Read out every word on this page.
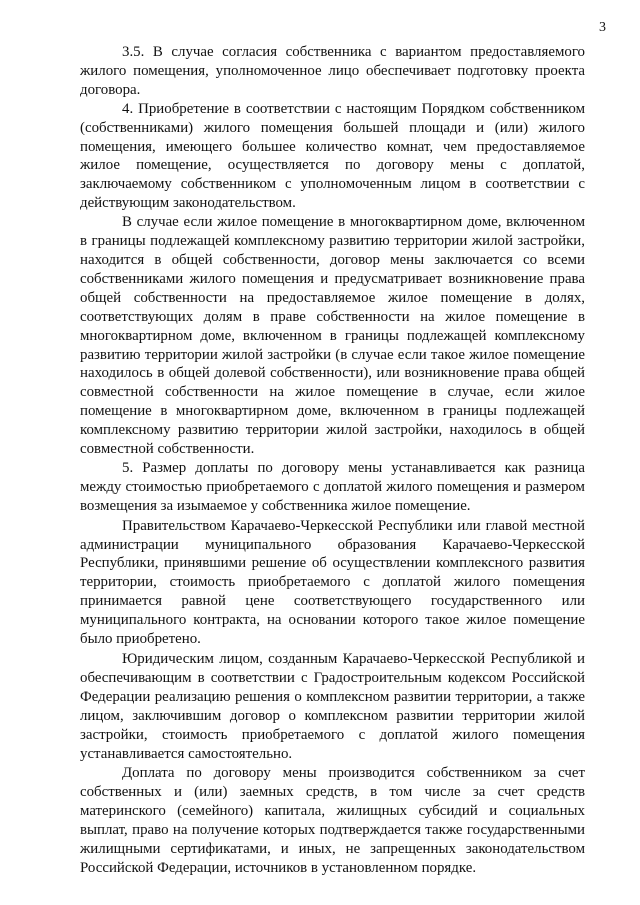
3

3.5. В случае согласия собственника с вариантом предоставляемого жилого помещения, уполномоченное лицо обеспечивает подготовку проекта договора.

4. Приобретение в соответствии с настоящим Порядком собственником (собственниками) жилого помещения большей площади и (или) жилого помещения, имеющего большее количество комнат, чем предоставляемое жилое помещение, осуществляется по договору мены с доплатой, заключаемому собственником с уполномоченным лицом в соответствии с действующим законодательством.

В случае если жилое помещение в многоквартирном доме, включенном в границы подлежащей комплексному развитию территории жилой застройки, находится в общей собственности, договор мены заключается со всеми собственниками жилого помещения и предусматривает возникновение права общей собственности на предоставляемое жилое помещение в долях, соответствующих долям в праве собственности на жилое помещение в многоквартирном доме, включенном в границы подлежащей комплексному развитию территории жилой застройки (в случае если такое жилое помещение находилось в общей долевой собственности), или возникновение права общей совместной собственности на жилое помещение в случае, если жилое помещение в многоквартирном доме, включенном в границы подлежащей комплексному развитию территории жилой застройки, находилось в общей совместной собственности.

5. Размер доплаты по договору мены устанавливается как разница между стоимостью приобретаемого с доплатой жилого помещения и размером возмещения за изымаемое у собственника жилое помещение.

Правительством Карачаево-Черкесской Республики или главой местной администрации муниципального образования Карачаево-Черкесской Республики, принявшими решение об осуществлении комплексного развития территории, стоимость приобретаемого с доплатой жилого помещения принимается равной цене соответствующего государственного или муниципального контракта, на основании которого такое жилое помещение было приобретено.

Юридическим лицом, созданным Карачаево-Черкесской Республикой и обеспечивающим в соответствии с Градостроительным кодексом Российской Федерации реализацию решения о комплексном развитии территории, а также лицом, заключившим договор о комплексном развитии территории жилой застройки, стоимость приобретаемого с доплатой жилого помещения устанавливается самостоятельно.

Доплата по договору мены производится собственником за счет собственных и (или) заемных средств, в том числе за счет средств материнского (семейного) капитала, жилищных субсидий и социальных выплат, право на получение которых подтверждается также государственными жилищными сертификатами, и иных, не запрещенных законодательством Российской Федерации, источников в установленном порядке.
